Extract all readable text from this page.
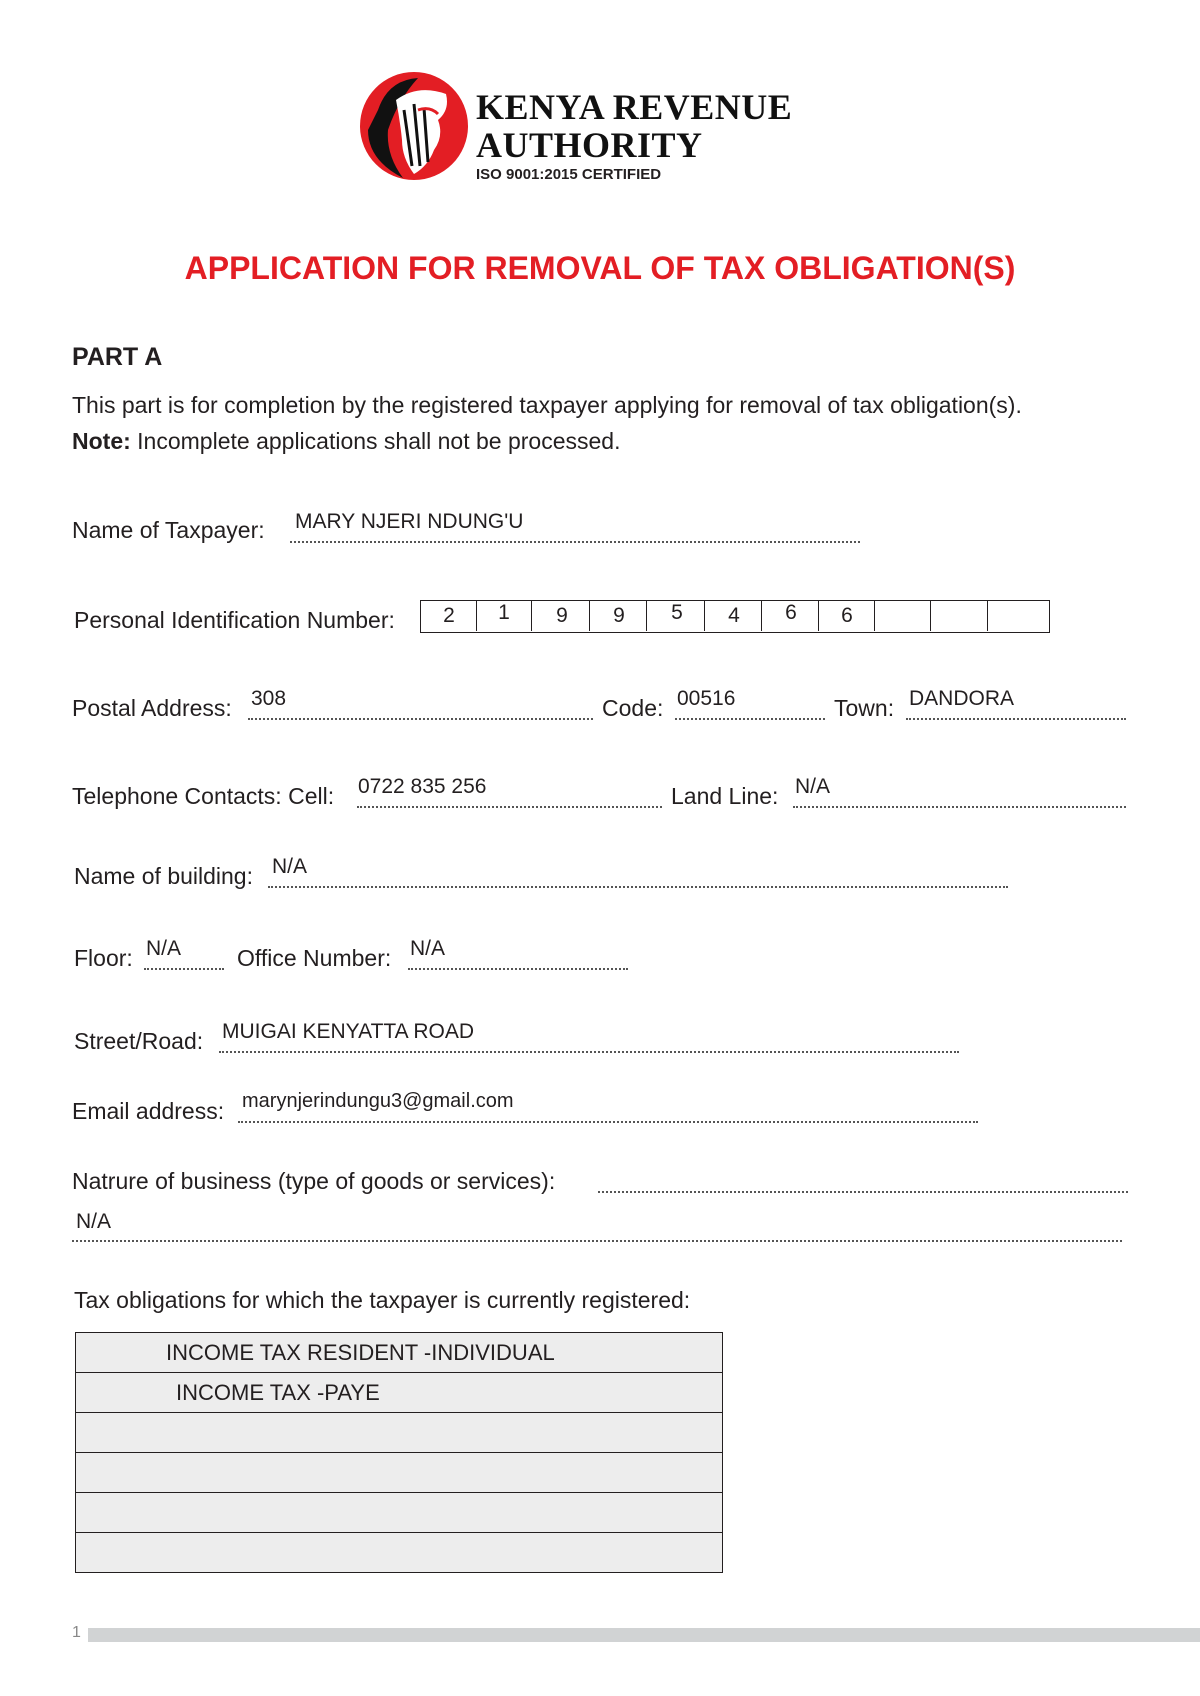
KENYA REVENUE
AUTHORITY
ISO 9001:2015 CERTIFIED
APPLICATION FOR REMOVAL OF TAX OBLIGATION(S)
PART A
This part is for completion by the registered taxpayer applying for removal of tax obligation(s).
Note: Incomplete applications shall not be processed.
Name of Taxpayer: MARY NJERI NDUNG'U
Personal Identification Number:	2	1	9	9	5	4	6	6
Postal Address: 308	Code: 00516	Town: DANDORA
Telephone Contacts: Cell: 0722 835 256	Land Line: N/A
Name of building: N/A
Floor: N/A Office Number: N/A
Street/Road: MUIGAI KENYATTA ROAD
Email address: marynjerindungu3@gmail.com
Natrure of business (type of goods or services):
N/A
Tax obligations for which the taxpayer is currently registered:
INCOME TAX RESIDENT -INDIVIDUAL
INCOME TAX -PAYE
1
